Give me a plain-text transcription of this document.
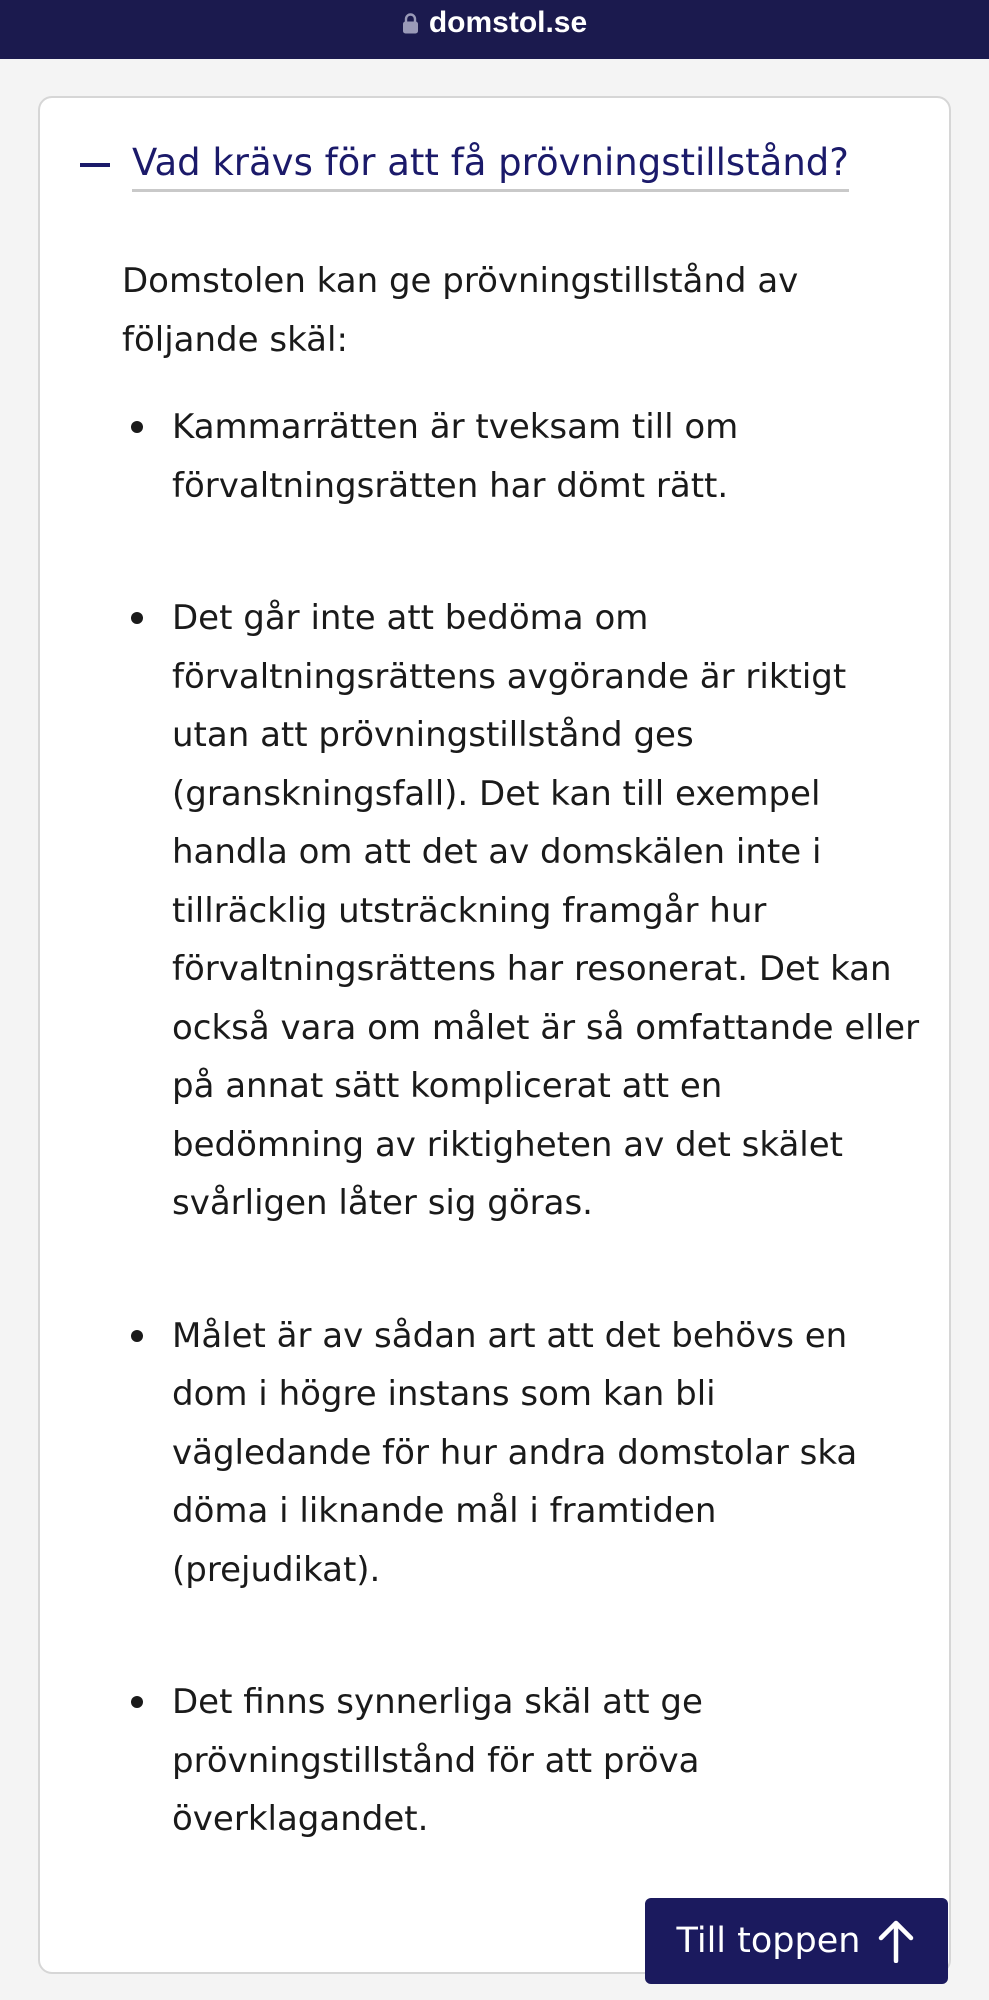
domstol.se
Vad krävs för att få prövningstillstånd?

Domstolen kan ge prövningstillstånd av följande skäl:

Kammarrätten är tveksam till om förvaltningsrätten har dömt rätt.
Det går inte att bedöma om förvaltningsrättens avgörande är riktigt utan att prövningstillstånd ges (granskningsfall). Det kan till exempel handla om att det av domskälen inte i tillräcklig utsträckning framgår hur förvaltningsrättens har resonerat. Det kan också vara om målet är så omfattande eller på annat sätt komplicerat att en bedömning av riktigheten av det skälet svårligen låter sig göras.
Målet är av sådan art att det behövs en dom i högre instans som kan bli vägledande för hur andra domstolar ska döma i liknande mål i framtiden (prejudikat).
Det finns synnerliga skäl att ge prövningstillstånd för att pröva överklagandet.
Till toppen
